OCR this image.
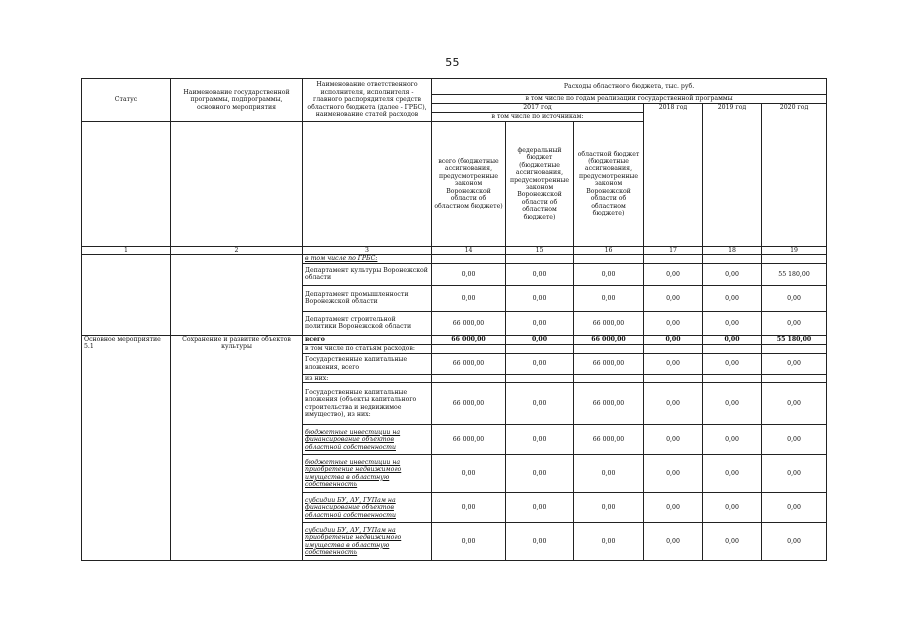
55
Статус	Наименование государственной программы, подпрограммы, основного мероприятия	Наименование ответственного исполнителя, исполнителя - главного распорядителя средств областного бюджета (далее - ГРБС), наименование статей расходов	Расходы областного бюджета, тыс. руб.					
			в том числе по годам реализации государственной программы					
			2017 год			2018 год	2019 год	2020 год
			в том числе по источникам:					
			всего (бюджетные ассигнования, предусмотренные законом Воронежской области об областном бюджете)	федеральный бюджет (бюджетные ассигнования, предусмотренные законом Воронежской области об областном бюджете)	областной бюджет (бюджетные ассигнования, предусмотренные законом Воронежской области об областном бюджете)			
1	2	3	14	15	16	17	18	19
		в том числе по ГРБС:						
		Департамент культуры Воронежской области	0,00	0,00	0,00	0,00	0,00	55 180,00
		Департамент промышленности Воронежской области	0,00	0,00	0,00	0,00	0,00	0,00
		Департамент строительной политики Воронежской области	66 000,00	0,00	66 000,00	0,00	0,00	0,00
Основное мероприятие 5.1	Сохранение и развитие объектов культуры	всего	66 000,00	0,00	66 000,00	0,00	0,00	55 180,00
		в том числе по статьям расходов:						
		Государственные капитальные вложения, всего	66 000,00	0,00	66 000,00	0,00	0,00	0,00
		из них:						
		Государственные капитальные вложения (объекты капитального строительства и недвижимое имущество), из них:	66 000,00	0,00	66 000,00	0,00	0,00	0,00
		бюджетные инвестиции на финансирование объектов областной собственности	66 000,00	0,00	66 000,00	0,00	0,00	0,00
		бюджетные инвестиции на приобретение недвижимого имущества в областную собственность	0,00	0,00	0,00	0,00	0,00	0,00
		субсидии БУ, АУ, ГУПам на финансирование объектов областной собственности	0,00	0,00	0,00	0,00	0,00	0,00
		субсидии БУ, АУ, ГУПам на приобретение недвижимого имущества в областную собственность	0,00	0,00	0,00	0,00	0,00	0,00
